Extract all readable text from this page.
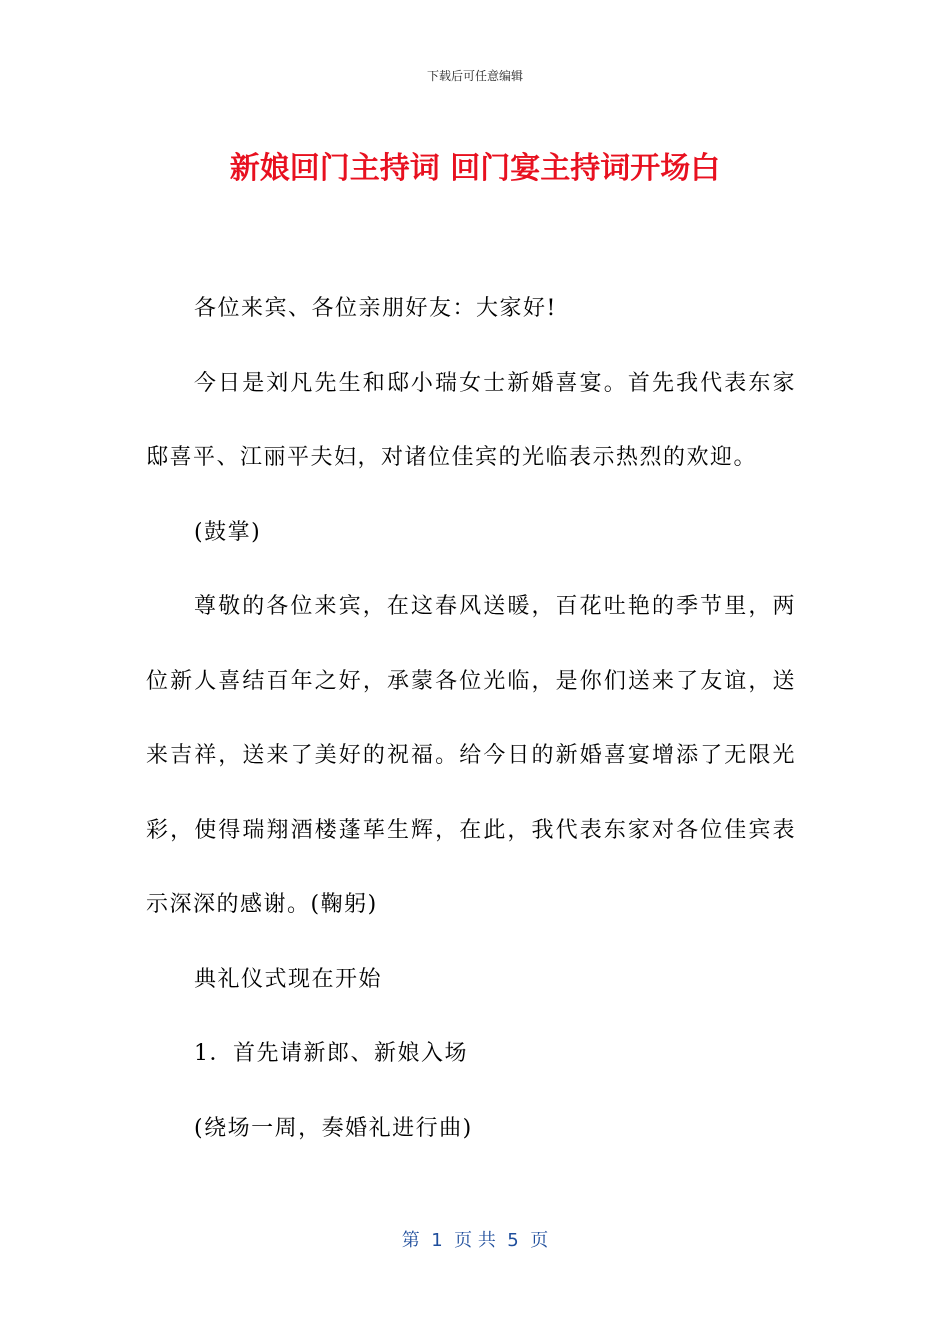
下载后可任意编辑
新娘回门主持词 回门宴主持词开场白

各位来宾、各位亲朋好友：大家好!

今日是刘凡先生和邸小瑞女士新婚喜宴。首先我代表东家邸喜平、江丽平夫妇，对诸位佳宾的光临表示热烈的欢迎。

(鼓掌)

尊敬的各位来宾，在这春风送暖，百花吐艳的季节里，两位新人喜结百年之好，承蒙各位光临，是你们送来了友谊，送来吉祥，送来了美好的祝福。给今日的新婚喜宴增添了无限光彩，使得瑞翔酒楼蓬荜生辉，在此，我代表东家对各位佳宾表示深深的感谢。(鞠躬)

典礼仪式现在开始

1．首先请新郎、新娘入场

(绕场一周，奏婚礼进行曲)

第  1  页 共  5  页
